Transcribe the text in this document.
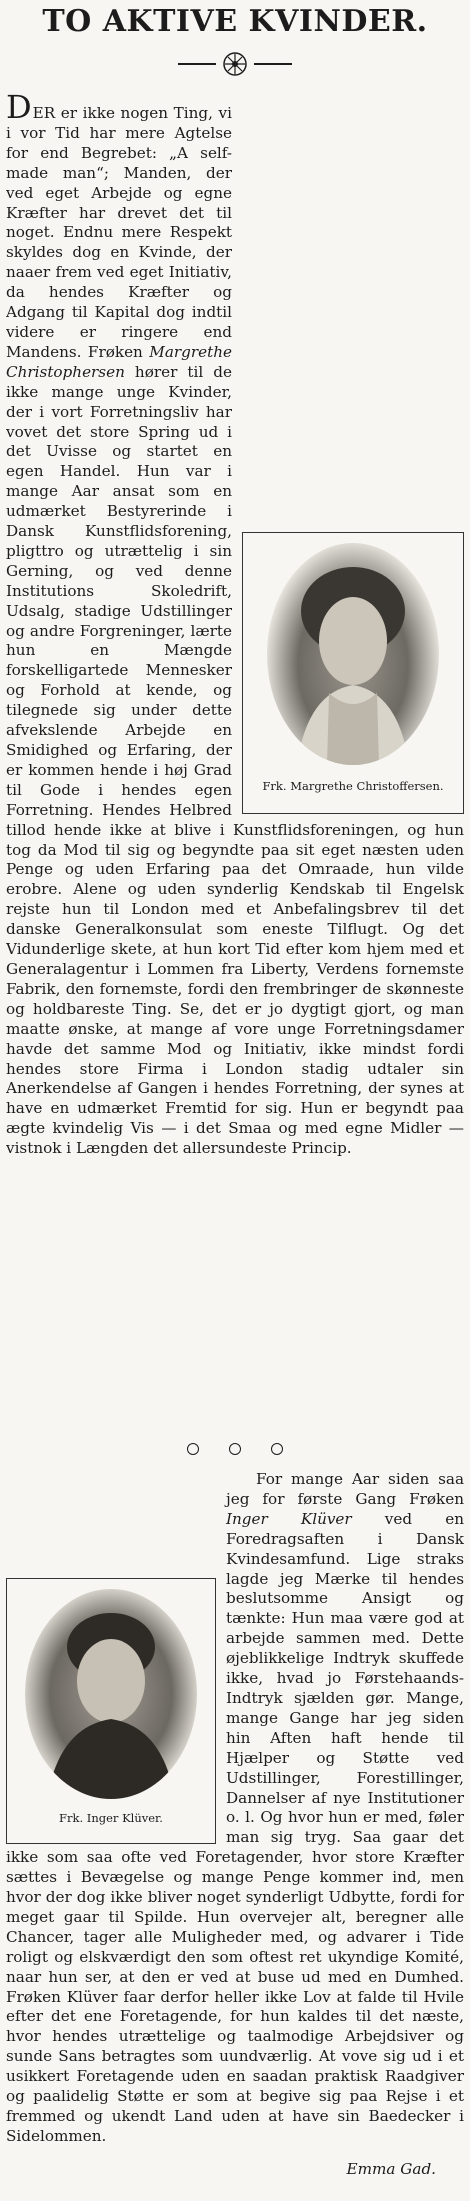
TO AKTIVE KVINDER.

Frk. Margrethe Christoffersen.
DER er ikke nogen Ting, vi i vor Tid har mere Agtelse for end Begrebet: „A self-made man“; Manden, der ved eget Arbejde og egne Kræfter har drevet det til noget. Endnu mere Respekt skyldes dog en Kvinde, der naaer frem ved eget Initiativ, da hendes Kræfter og Adgang til Kapital dog indtil videre er ringere end Mandens. Frøken Margrethe Christophersen hører til de ikke mange unge Kvinder, der i vort Forretningsliv har vovet det store Spring ud i det Uvisse og startet en egen Handel. Hun var i mange Aar ansat som en udmærket Bestyrerinde i Dansk Kunstflidsforening, pligttro og utrættelig i sin Gerning, og ved denne Institutions Skoledrift, Udsalg, stadige Udstillinger og andre Forgreninger, lærte hun en Mængde forskelligartede Mennesker og Forhold at kende, og tilegnede sig under dette afvekslende Arbejde en Smidighed og Erfaring, der er kommen hende i høj Grad til Gode i hendes egen Forretning. Hendes Helbred tillod hende ikke at blive i Kunstflidsforeningen, og hun tog da Mod til sig og begyndte paa sit eget næsten uden Penge og uden Erfaring paa det Omraade, hun vilde erobre. Alene og uden synderlig Kendskab til Engelsk rejste hun til London med et Anbefalingsbrev til det danske Generalkonsulat som eneste Tilflugt. Og det Vidunderlige skete, at hun kort Tid efter kom hjem med et Generalagentur i Lommen fra Liberty, Verdens fornemste Fabrik, den fornemste, fordi den frembringer de skønneste og holdbareste Ting. Se, det er jo dygtigt gjort, og man maatte ønske, at mange af vore unge Forretningsdamer havde det samme Mod og Initiativ, ikke mindst fordi hendes store Firma i London stadig udtaler sin Anerkendelse af Gangen i hendes Forretning, der synes at have en udmærket Fremtid for sig. Hun er begyndt paa ægte kvindelig Vis — i det Smaa og med egne Midler — vistnok i Længden det allersundeste Princip.

Frk. Inger Klüver.
For mange Aar siden saa jeg for første Gang Frøken Inger Klüver ved en Foredragsaften i Dansk Kvindesamfund. Lige straks lagde jeg Mærke til hendes beslutsomme Ansigt og tænkte: Hun maa være god at arbejde sammen med. Dette øjeblikkelige Indtryk skuffede ikke, hvad jo Førstehaands-Indtryk sjælden gør. Mange, mange Gange har jeg siden hin Aften haft hende til Hjælper og Støtte ved Udstillinger, Forestillinger, Dannelser af nye Institutioner o. l. Og hvor hun er med, føler man sig tryg. Saa gaar det ikke som saa ofte ved Foretagender, hvor store Kræfter sættes i Bevægelse og mange Penge kommer ind, men hvor der dog ikke bliver noget synderligt Udbytte, fordi for meget gaar til Spilde. Hun overvejer alt, beregner alle Chancer, tager alle Muligheder med, og advarer i Tide roligt og elskværdigt den som oftest ret ukyndige Komité, naar hun ser, at den er ved at buse ud med en Dumhed. Frøken Klüver faar derfor heller ikke Lov at falde til Hvile efter det ene Foretagende, for hun kaldes til det næste, hvor hendes utrættelige og taalmodige Arbejdsiver og sunde Sans betragtes som uundværlig. At vove sig ud i et usikkert Foretagende uden en saadan praktisk Raadgiver og paalidelig Støtte er som at begive sig paa Rejse i et fremmed og ukendt Land uden at have sin Baedecker i Sidelommen.

Emma Gad.
